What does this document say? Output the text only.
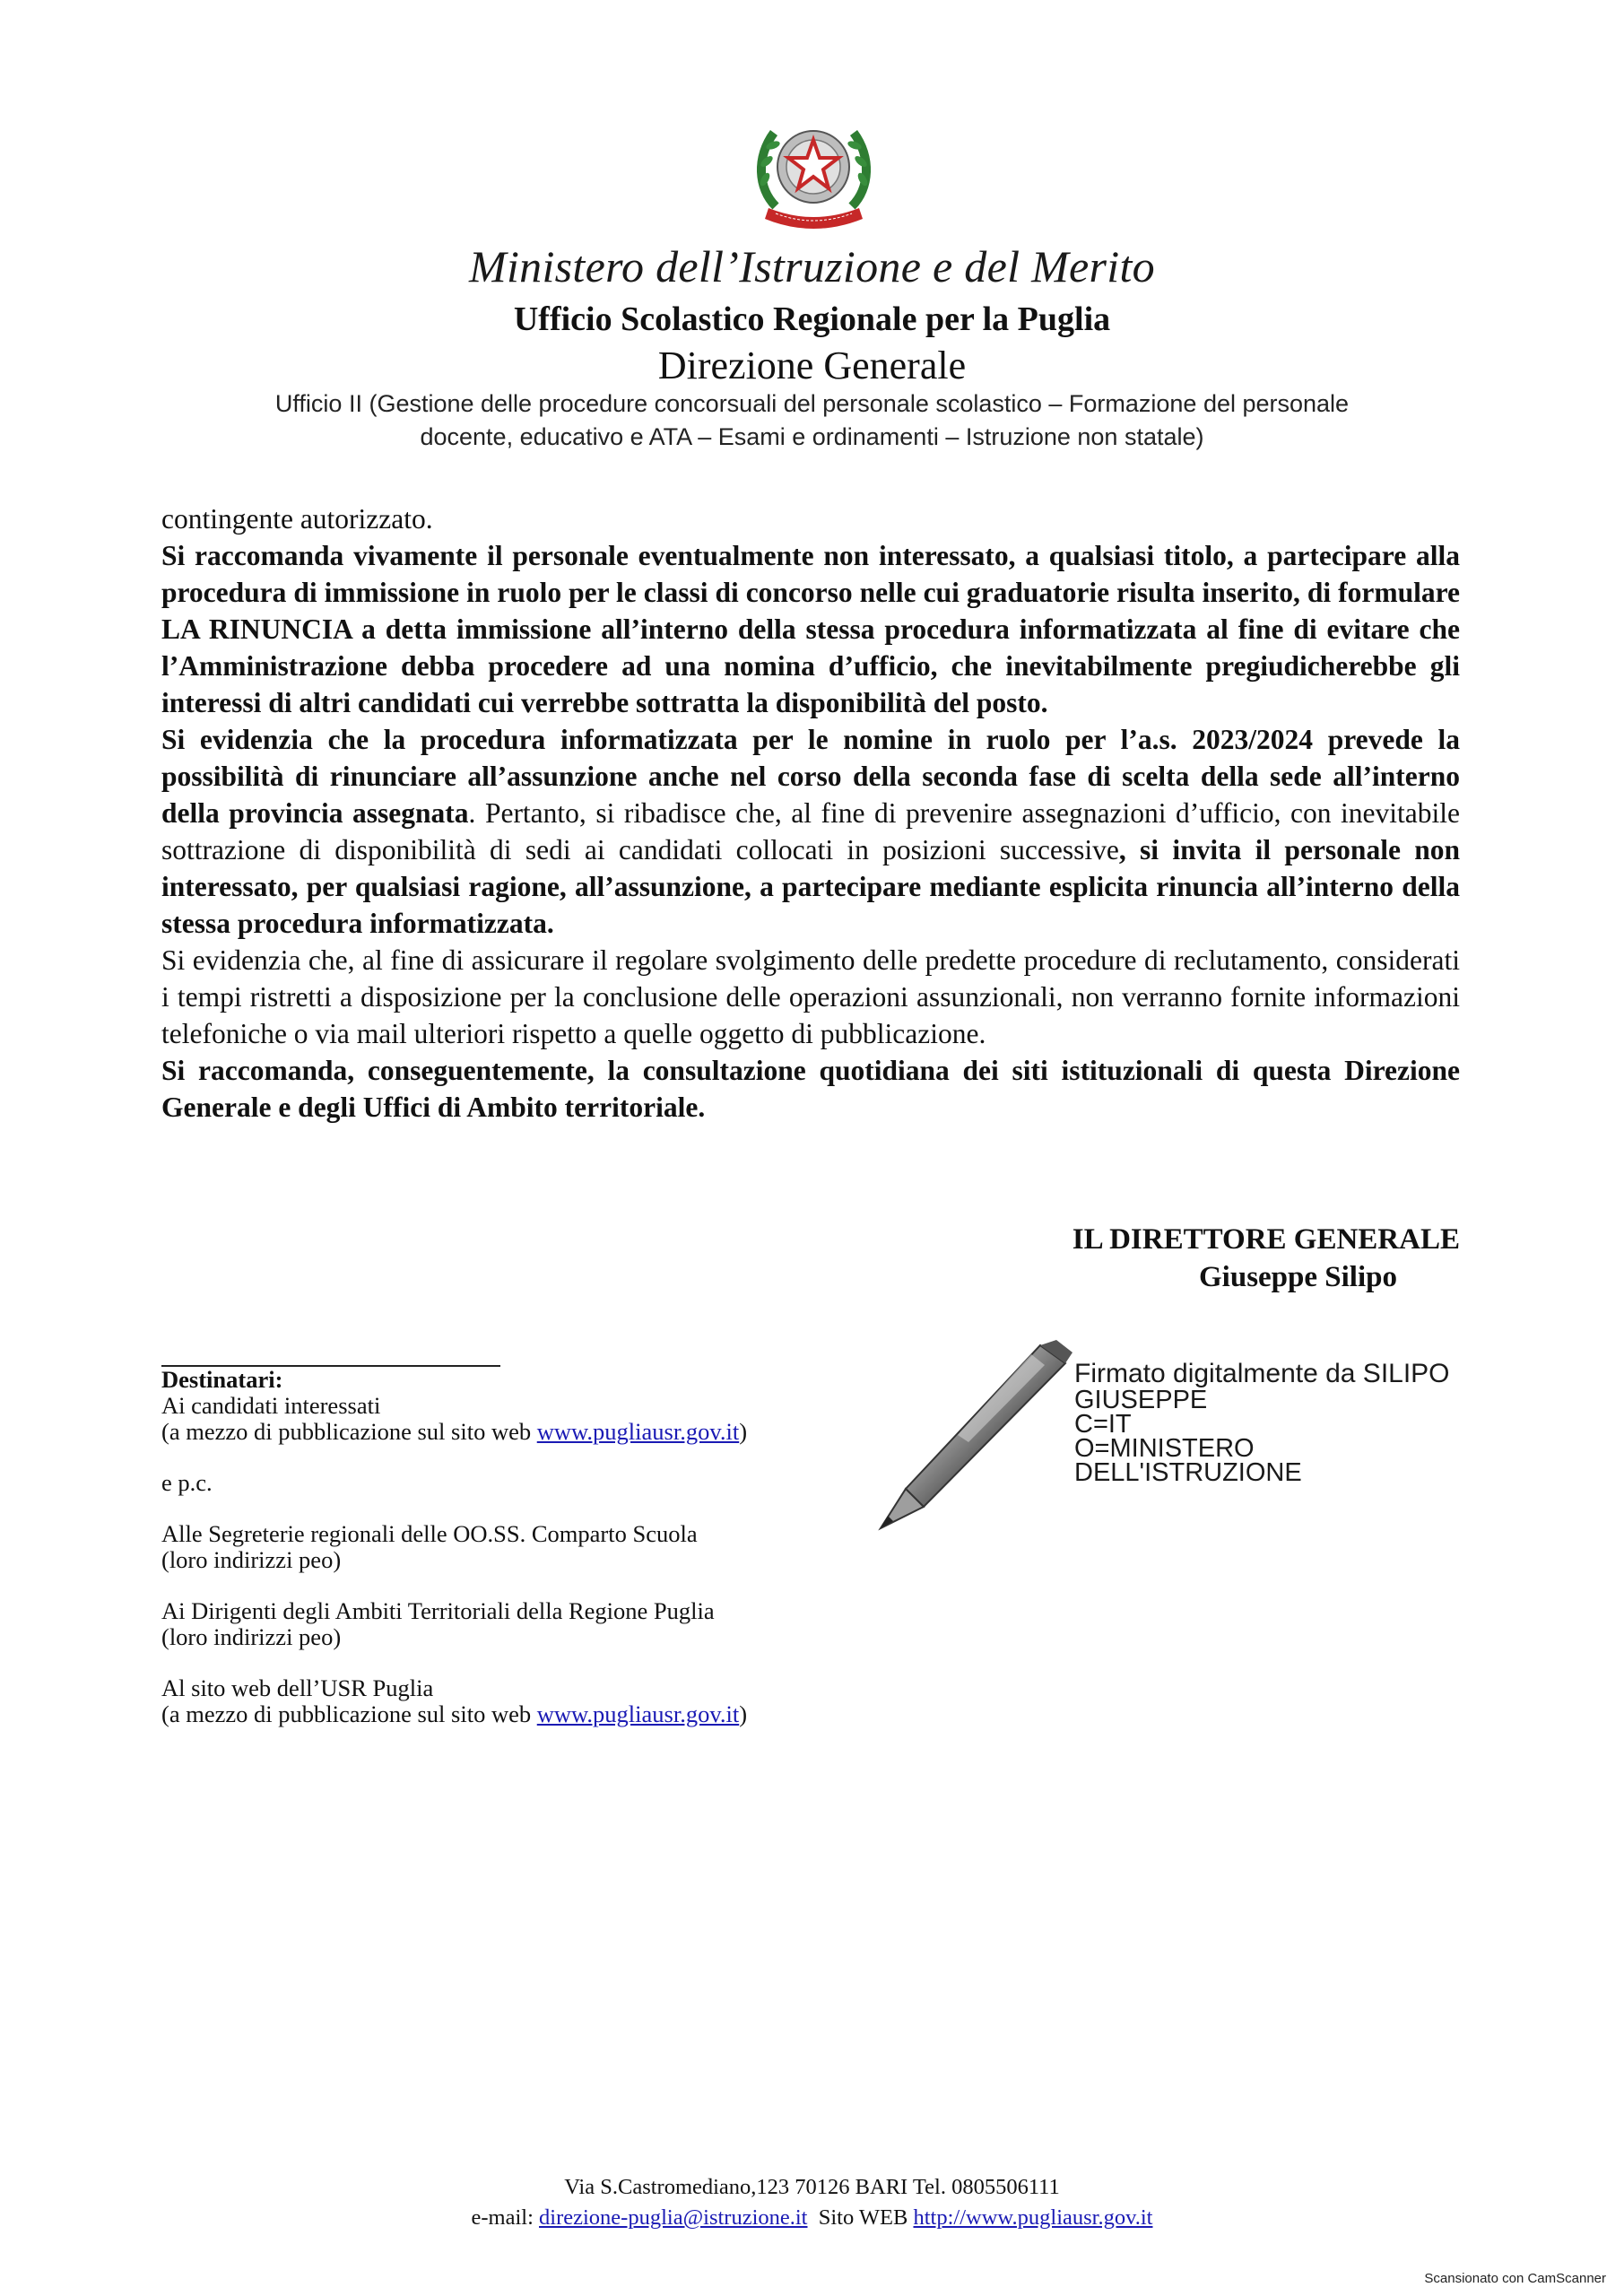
Ministero dell’Istruzione e del Merito
Ufficio Scolastico Regionale per la Puglia
Direzione Generale
Ufficio II (Gestione delle procedure concorsuali del personale scolastico – Formazione del personale
docente, educativo e ATA – Esami e ordinamenti – Istruzione non statale)

contingente autorizzato.

Si raccomanda vivamente il personale eventualmente non interessato, a qualsiasi titolo, a partecipare alla procedura di immissione in ruolo per le classi di concorso nelle cui graduatorie risulta inserito, di formulare LA RINUNCIA a detta immissione all’interno della stessa procedura informatizzata al fine di evitare che l’Amministrazione debba procedere ad una nomina d’ufficio, che inevitabilmente pregiudicherebbe gli interessi di altri candidati cui verrebbe sottratta la disponibilità del posto.

Si evidenzia che la procedura informatizzata per le nomine in ruolo per l’a.s. 2023/2024 prevede la possibilità di rinunciare all’assunzione anche nel corso della seconda fase di scelta della sede all’interno della provincia assegnata. Pertanto, si ribadisce che, al fine di prevenire assegnazioni d’ufficio, con inevitabile sottrazione di disponibilità di sedi ai candidati collocati in posizioni successive, si invita il personale non interessato, per qualsiasi ragione, all’assunzione, a partecipare mediante esplicita rinuncia all’interno della stessa procedura informatizzata.

Si evidenzia che, al fine di assicurare il regolare svolgimento delle predette procedure di reclutamento, considerati i tempi ristretti a disposizione per la conclusione delle operazioni assunzionali, non verranno fornite informazioni telefoniche o via mail ulteriori rispetto a quelle oggetto di pubblicazione.

Si raccomanda, conseguentemente, la consultazione quotidiana dei siti istituzionali di questa Direzione Generale e degli Uffici di Ambito territoriale.

IL DIRETTORE GENERALE
Giuseppe Silipo
Destinatari:
Ai candidati interessati
(a mezzo di pubblicazione sul sito web www.pugliausr.gov.it)
e p.c.
Alle Segreterie regionali delle OO.SS. Comparto Scuola
(loro indirizzi peo)
Ai Dirigenti degli Ambiti Territoriali della Regione Puglia
(loro indirizzi peo)
Al sito web dell’USR Puglia
(a mezzo di pubblicazione sul sito web www.pugliausr.gov.it)
Firmato digitalmente da SILIPO
GIUSEPPE
C=IT
O=MINISTERO
DELL'ISTRUZIONE
Via S.Castromediano,123 70126 BARI Tel. 0805506111
e-mail: direzione-puglia@istruzione.it  Sito WEB http://www.pugliausr.gov.it
Scansionato con CamScanner
